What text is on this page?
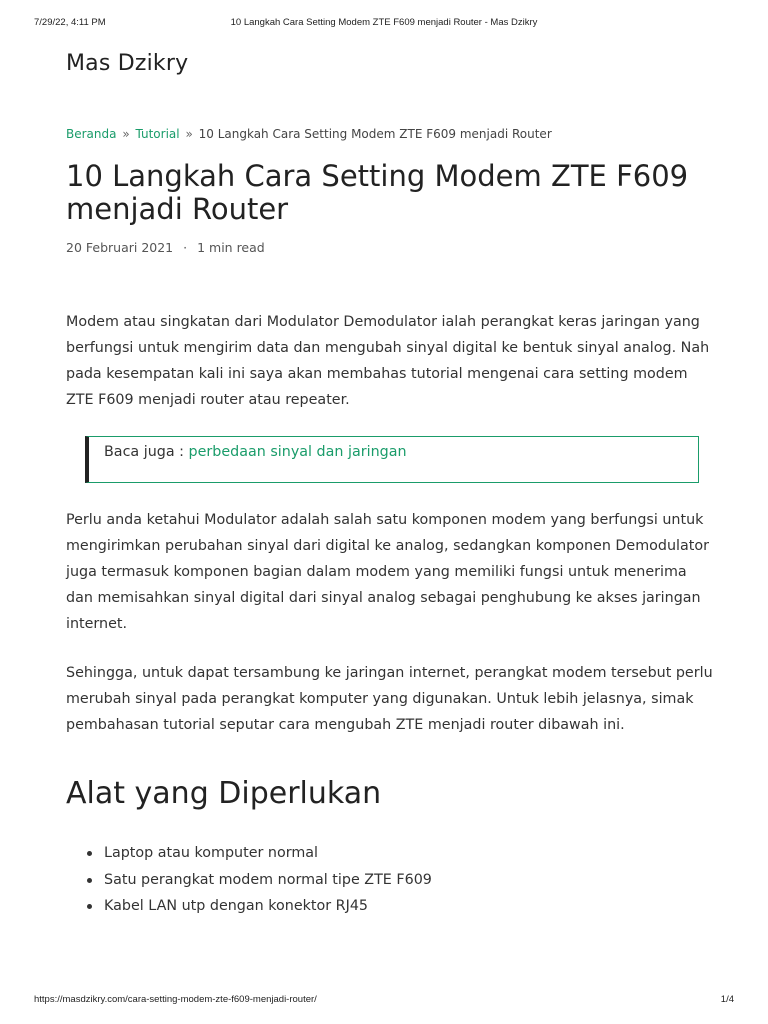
7/29/22, 4:11 PM	10 Langkah Cara Setting Modem ZTE F609 menjadi Router - Mas Dzikry
Mas Dzikry
Beranda » Tutorial » 10 Langkah Cara Setting Modem ZTE F609 menjadi Router
10 Langkah Cara Setting Modem ZTE F609 menjadi Router
20 Februari 2021 · 1 min read

Modem atau singkatan dari Modulator Demodulator ialah perangkat keras jaringan yang berfungsi untuk mengirim data dan mengubah sinyal digital ke bentuk sinyal analog. Nah pada kesempatan kali ini saya akan membahas tutorial mengenai cara setting modem ZTE F609 menjadi router atau repeater.

Baca juga : perbedaan sinyal dan jaringan

Perlu anda ketahui Modulator adalah salah satu komponen modem yang berfungsi untuk mengirimkan perubahan sinyal dari digital ke analog, sedangkan komponen Demodulator juga termasuk komponen bagian dalam modem yang memiliki fungsi untuk menerima dan memisahkan sinyal digital dari sinyal analog sebagai penghubung ke akses jaringan internet.

Sehingga, untuk dapat tersambung ke jaringan internet, perangkat modem tersebut perlu merubah sinyal pada perangkat komputer yang digunakan. Untuk lebih jelasnya, simak pembahasan tutorial seputar cara mengubah ZTE menjadi router dibawah ini.

Alat yang Diperlukan
Laptop atau komputer normal
Satu perangkat modem normal tipe ZTE F609
Kabel LAN utp dengan konektor RJ45
https://masdzikry.com/cara-setting-modem-zte-f609-menjadi-router/	1/4
